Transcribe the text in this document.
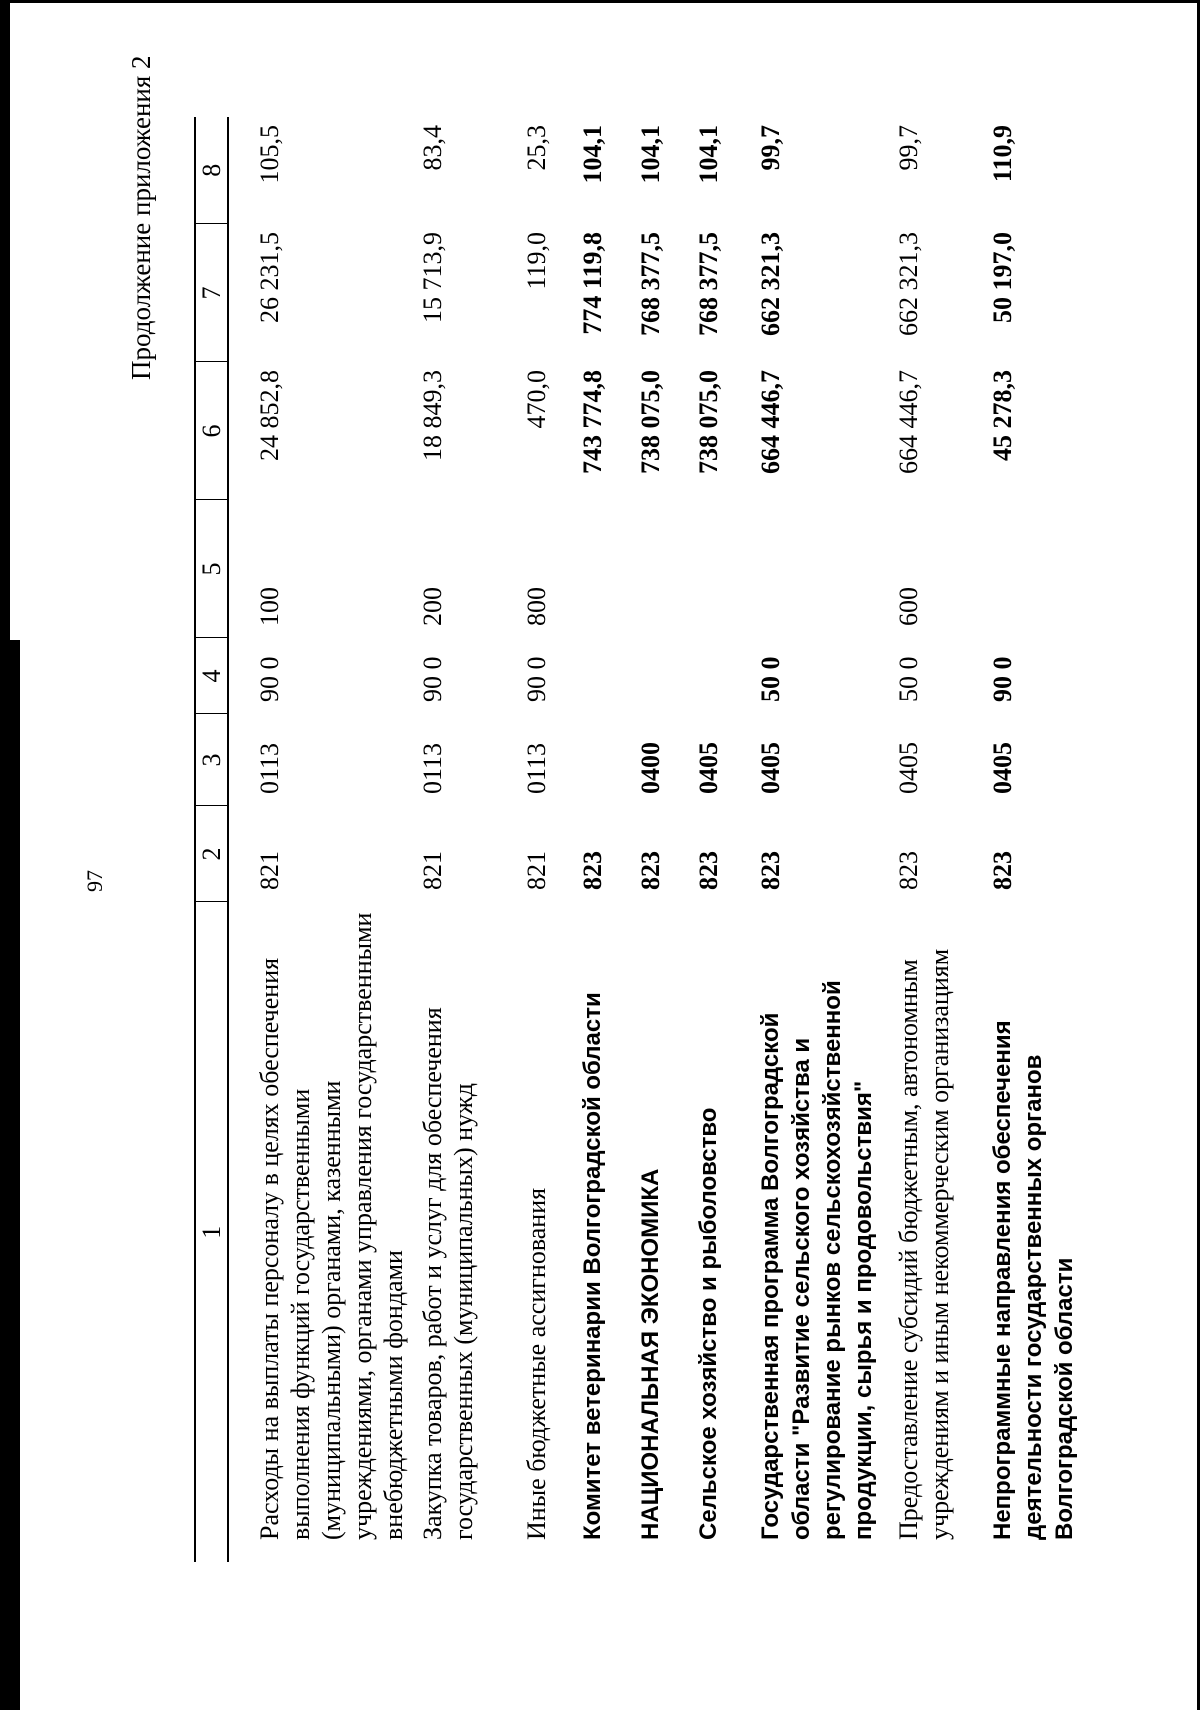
97

Продолжение приложения 2

1	2	3	4	5	6	7	8
Расходы на выплаты персоналу в целях обеспечения выполнения функций государственными (муниципальными) органами, казенными учреждениями, органами управления государственными внебюджетными фондами	821	0113	90 0	100	24 852,8	26 231,5	105,5
Закупка товаров, работ и услуг для обеспечения государственных (муниципальных) нужд	821	0113	90 0	200	18 849,3	15 713,9	83,4
Иные бюджетные ассигнования	821	0113	90 0	800	470,0	119,0	25,3
Комитет ветеринарии Волгоградской области	823				743 774,8	774 119,8	104,1
НАЦИОНАЛЬНАЯ ЭКОНОМИКА	823	0400			738 075,0	768 377,5	104,1
Сельское хозяйство и рыболовство	823	0405			738 075,0	768 377,5	104,1
Государственная программа Волгоградской области "Развитие сельского хозяйства и регулирование рынков сельскохозяйственной продукции, сырья и продовольствия"	823	0405	50 0		664 446,7	662 321,3	99,7
Предоставление субсидий бюджетным, автономным учреждениям и иным некоммерческим организациям	823	0405	50 0	600	664 446,7	662 321,3	99,7
Непрограммные направления обеспечения деятельности государственных органов Волгоградской области	823	0405	90 0		45 278,3	50 197,0	110,9
